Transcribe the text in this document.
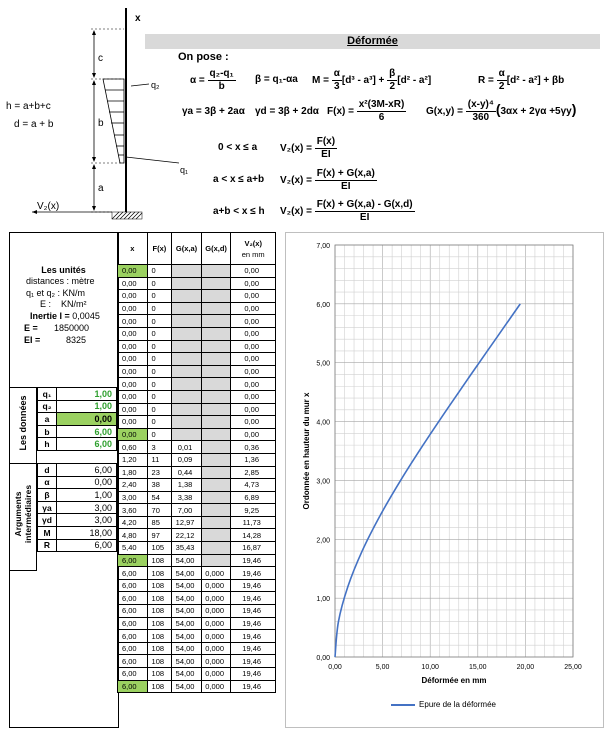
x
c
b
a
q₂
V₂(x)
h = a+b+c
d = a + b
q₁
Déformée
On pose :
$\alpha = \frac{\text{q₂-q₁}}{b}$ β = q₁-αa $M = \frac{\alpha}{3} [d^3 - a^3] + \frac{\beta}{2} [d^2 - a^2]$	$R = \frac{\alpha}{2} [d^2 - a^2] + \beta b$
γa = 3β + 2aα γd = 3β + 2dα $F(x) = \frac{\text{x²(3M-xR)}}{6} G(x,y) = \frac{\text{(x-y)⁴}}{360} (3\alpha x + 2\gamma\alpha +5\gamma y)$
0 < x ≤ a $V_2(x) = \frac{F(x)}{EI}$
a < x ≤ a+b $V_2(x) = \frac{F(x) + G(x,a)}{EI}$
a+b < x ≤ h $V_2(x) = \frac{F(x) + G(x,a) - G(x,d)}{EI}$
Les unités
distances : mètre
q₁ et q₂ : KN/m
E : KN/m²
Inertie I = 0,0045
E = 1850000
EI =	8325
Les données
q₁	1,00
q₂	1,00
a	0,00
b	6,00
h	6,00
Arguments intermédiaires
d	6,00
α	0,00
β	1,00
γa	3,00
γd	3,00
M	18,00
R	6,00
x	F(x)	G(x,a)	G(x,d)	V₂(x)
en mm
0,00	0			0,00
0,00	0			0,00
0,00	0			0,00
0,00	0			0,00
0,00	0			0,00
0,00	0			0,00
0,00	0			0,00
0,00	0			0,00
0,00	0			0,00
0,00	0			0,00
0,00	0			0,00
0,00	0			0,00
0,00	0			0,00
0,00	0			0,00
0,60	3	0,01		0,36
1,20	11	0,09		1,36
1,80	23	0,44		2,85
2,40	38	1,38		4,73
3,00	54	3,38		6,89
3,60	70	7,00		9,25
4,20	85	12,97		11,73
4,80	97	22,12		14,28
5,40	105	35,43		16,87
6,00	108	54,00		19,46
6,00	108	54,00	0,000	19,46
6,00	108	54,00	0,000	19,46
6,00	108	54,00	0,000	19,46
6,00	108	54,00	0,000	19,46
6,00	108	54,00	0,000	19,46
6,00	108	54,00	0,000	19,46
6,00	108	54,00	0,000	19,46
6,00	108	54,00	0,000	19,46
6,00	108	54,00	0,000	19,46
6,00	108	54,00	0,000	19,46
0,00	5,00	10,00	15,00	20,00	25,00
0,00
1,00
2,00
3,00
4,00
5,00
6,00
7,00
Déformée en mm
Ordonnée en hauteur du mur x
Epure de la déformée
